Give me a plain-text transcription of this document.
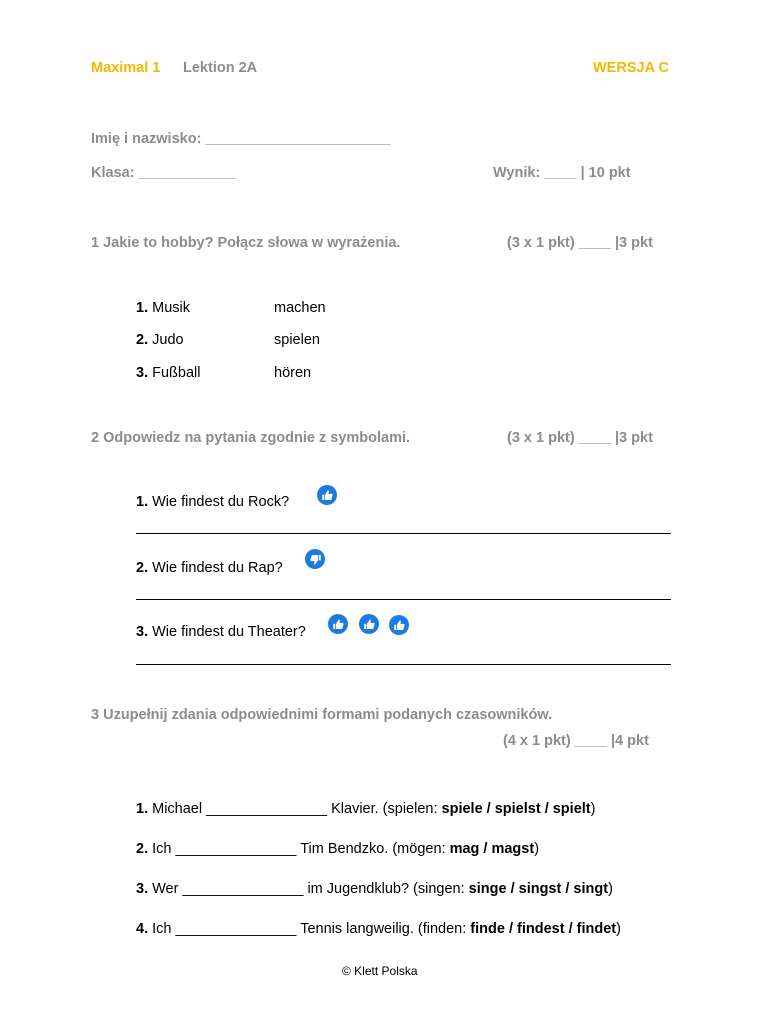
Maximal 1 Lektion 2A	WERSJA C
Imię i nazwisko: _______________________
Klasa: ____________	Wynik: ____ | 10 pkt
1 Jakie to hobby? Połącz słowa w wyrażenia.	(3 x 1 pkt) ____ |3 pkt
1. Musik	machen
2. Judo	spielen
3. Fußball	hören
2 Odpowiedz na pytania zgodnie z symbolami.	(3 x 1 pkt) ____ |3 pkt
1. Wie findest du Rock?
2. Wie findest du Rap?
3. Wie findest du Theater?
3 Uzupełnij zdania odpowiednimi formami podanych czasowników.
(4 x 1 pkt) ____ |4 pkt
1. Michael _______________ Klavier. (spielen: spiele / spielst / spielt)
2. Ich _______________ Tim Bendzko. (mögen: mag / magst)
3. Wer _______________ im Jugendklub? (singen: singe / singst / singt)
4. Ich _______________ Tennis langweilig. (finden: finde / findest / findet)
© Klett Polska
